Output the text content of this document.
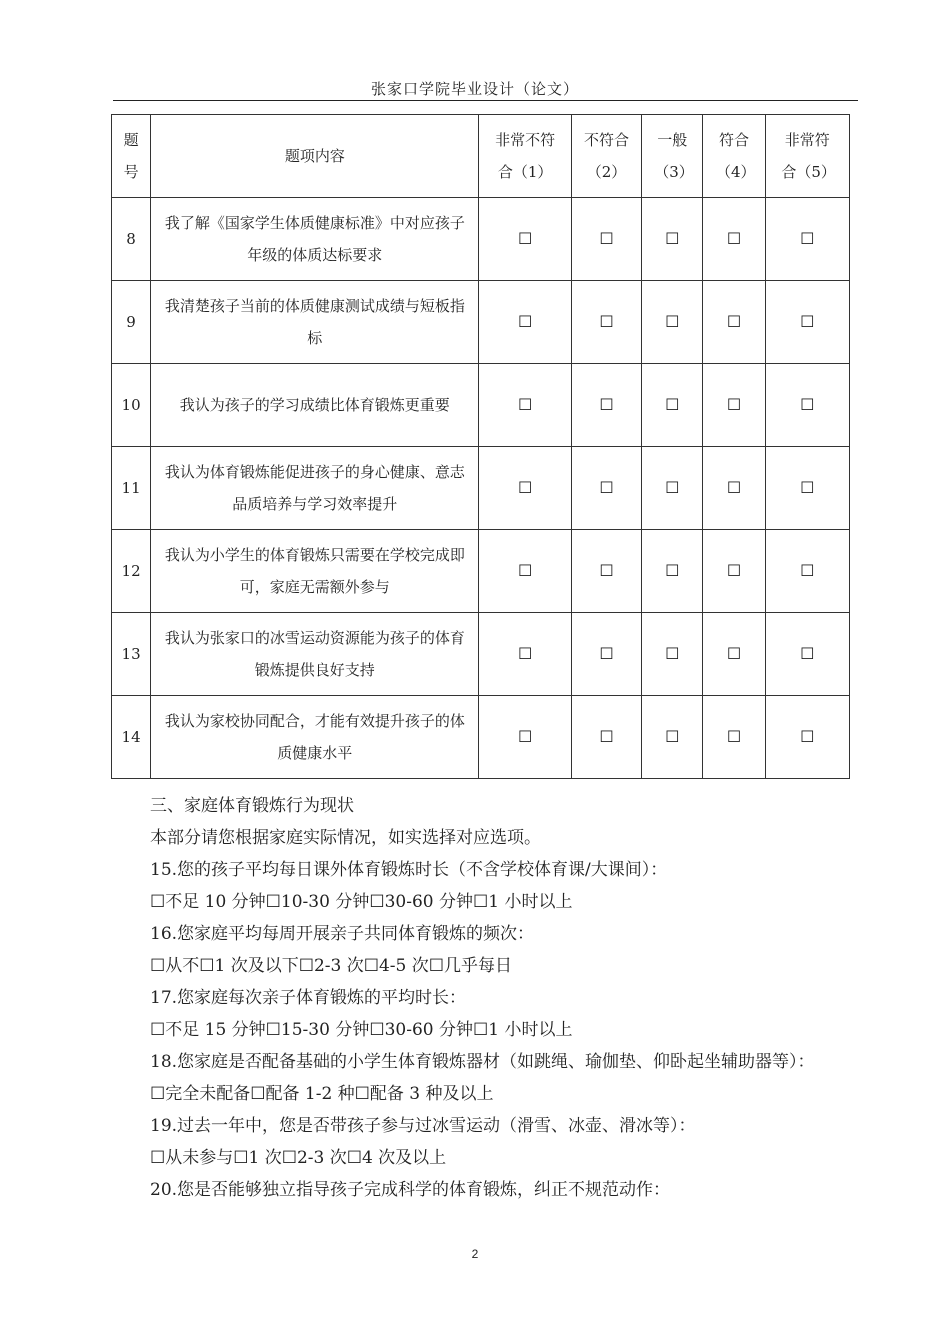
张家口学院毕业设计（论文）
题号	题项内容	非常不符合（1）	不符合（2）	一般（3）	符合（4）	非常符合（5）
8	我了解《国家学生体质健康标准》中对应孩子年级的体质达标要求	☐	☐	☐	☐	☐
9	我清楚孩子当前的体质健康测试成绩与短板指标	☐	☐	☐	☐	☐
10	我认为孩子的学习成绩比体育锻炼更重要	☐	☐	☐	☐	☐
11	我认为体育锻炼能促进孩子的身心健康、意志品质培养与学习效率提升	☐	☐	☐	☐	☐
12	我认为小学生的体育锻炼只需要在学校完成即可，家庭无需额外参与	☐	☐	☐	☐	☐
13	我认为张家口的冰雪运动资源能为孩子的体育锻炼提供良好支持	☐	☐	☐	☐	☐
14	我认为家校协同配合，才能有效提升孩子的体质健康水平	☐	☐	☐	☐	☐

三、家庭体育锻炼行为现状

本部分请您根据家庭实际情况，如实选择对应选项。

15.您的孩子平均每日课外体育锻炼时长（不含学校体育课/大课间）：

☐不足 10 分钟☐10-30 分钟☐30-60 分钟☐1 小时以上

16.您家庭平均每周开展亲子共同体育锻炼的频次：

☐从不☐1 次及以下☐2-3 次☐4-5 次☐几乎每日

17.您家庭每次亲子体育锻炼的平均时长：

☐不足 15 分钟☐15-30 分钟☐30-60 分钟☐1 小时以上

18.您家庭是否配备基础的小学生体育锻炼器材（如跳绳、瑜伽垫、仰卧起坐辅助器等）：

☐完全未配备☐配备 1-2 种☐配备 3 种及以上

19.过去一年中，您是否带孩子参与过冰雪运动（滑雪、冰壶、滑冰等）：

☐从未参与☐1 次☐2-3 次☐4 次及以上

20.您是否能够独立指导孩子完成科学的体育锻炼，纠正不规范动作：

2
